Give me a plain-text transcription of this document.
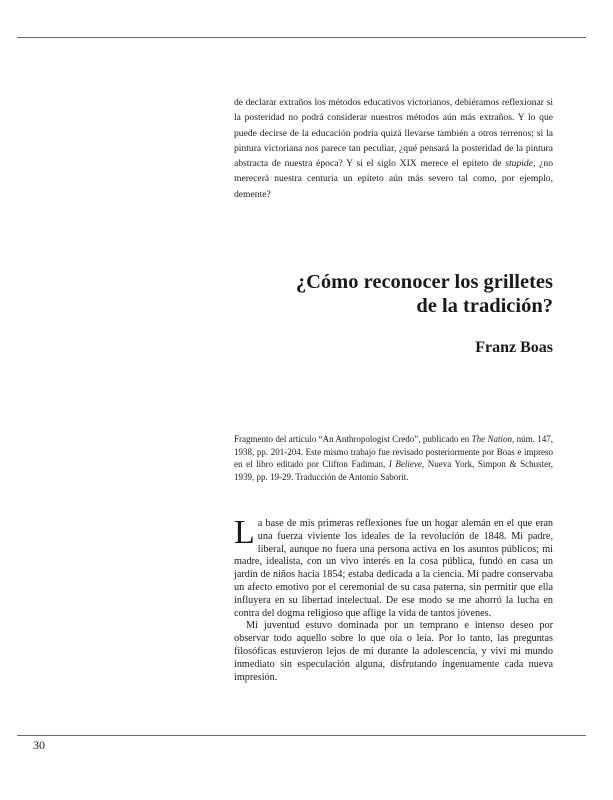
de declarar extraños los métodos educativos victorianos, debiéramos reflexionar si la posteridad no podrá considerar nuestros métodos aún más extraños. Y lo que puede decirse de la educación podría quizá llevarse también a otros terrenos; si la pintura victoriana nos parece tan peculiar, ¿qué pensará la posteridad de la pintura abstracta de nuestra época? Y si el siglo XIX merece el epíteto de stupide, ¿no merecerá nuestra centuria un epíteto aún más severo tal como, por ejemplo, demente?

¿Cómo reconocer los grilletes
de la tradición?
Franz Boas
Fragmento del artículo “An Anthropologist Credo”, publicado en The Nation, núm. 147, 1938, pp. 201-204. Este mismo trabajo fue revisado posteriormente por Boas e impreso en el libro editado por Clifton Fadiman, I Believe, Nueva York, Simpon & Schuster, 1939, pp. 19-29. Traducción de Antonio Saborit.

La base de mis primeras reflexiones fue un hogar alemán en el que eran una fuerza viviente los ideales de la revolución de 1848. Mi padre, liberal, aunque no fuera una persona activa en los asuntos públicos; mi madre, idealista, con un vivo interés en la cosa pública, fundó en casa un jardín de niños hacia 1854; estaba dedicada a la ciencia. Mi padre conservaba un afecto emotivo por el ceremonial de su casa paterna, sin permitir que ella influyera en su libertad intelectual. De ese modo se me ahorró la lucha en contra del dogma religioso que aflige la vida de tantos jóvenes.

Mi juventud estuvo dominada por un temprano e intenso deseo por observar todo aquello sobre lo que oía o leía. Por lo tanto, las preguntas filosóficas estuvieron lejos de mí durante la adolescencia, y viví mi mundo inmediato sin especulación alguna, disfrutando ingenuamente cada nueva impresión.

30
